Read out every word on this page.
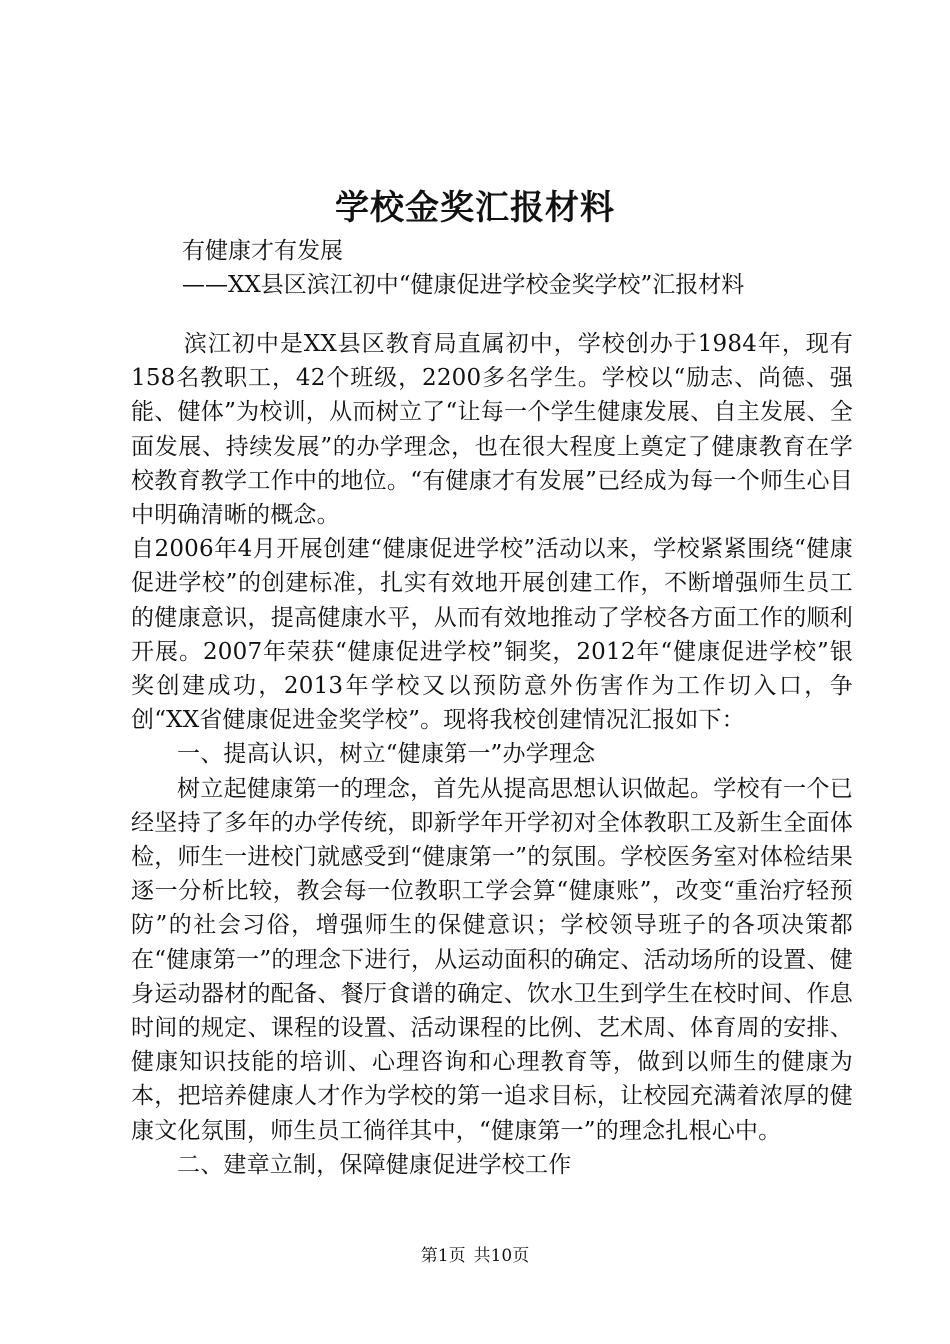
学校金奖汇报材料
有健康才有发展
——XX县区滨江初中“健康促进学校金奖学校”汇报材料

滨江初中是XX县区教育局直属初中，学校创办于1984年，现有158名教职工，42个班级，2200多名学生。学校以“励志、尚德、强能、健体”为校训，从而树立了“让每一个学生健康发展、自主发展、全面发展、持续发展”的办学理念，也在很大程度上奠定了健康教育在学校教育教学工作中的地位。“有健康才有发展”已经成为每一个师生心目中明确清晰的概念。

自2006年4月开展创建“健康促进学校”活动以来，学校紧紧围绕“健康促进学校”的创建标准，扎实有效地开展创建工作，不断增强师生员工的健康意识，提高健康水平，从而有效地推动了学校各方面工作的顺利开展。2007年荣获“健康促进学校”铜奖，2012年“健康促进学校”银奖创建成功，2013年学校又以预防意外伤害作为工作切入口，争创“XX省健康促进金奖学校”。现将我校创建情况汇报如下：

一、提高认识，树立“健康第一”办学理念

树立起健康第一的理念，首先从提高思想认识做起。学校有一个已经坚持了多年的办学传统，即新学年开学初对全体教职工及新生全面体检，师生一进校门就感受到“健康第一”的氛围。学校医务室对体检结果逐一分析比较，教会每一位教职工学会算“健康账”，改变“重治疗轻预防”的社会习俗，增强师生的保健意识；学校领导班子的各项决策都在“健康第一”的理念下进行，从运动面积的确定、活动场所的设置、健身运动器材的配备、餐厅食谱的确定、饮水卫生到学生在校时间、作息时间的规定、课程的设置、活动课程的比例、艺术周、体育周的安排、健康知识技能的培训、心理咨询和心理教育等，做到以师生的健康为本，把培养健康人才作为学校的第一追求目标，让校园充满着浓厚的健康文化氛围，师生员工徜徉其中，“健康第一”的理念扎根心中。

二、建章立制，保障健康促进学校工作

第1页 共10页
